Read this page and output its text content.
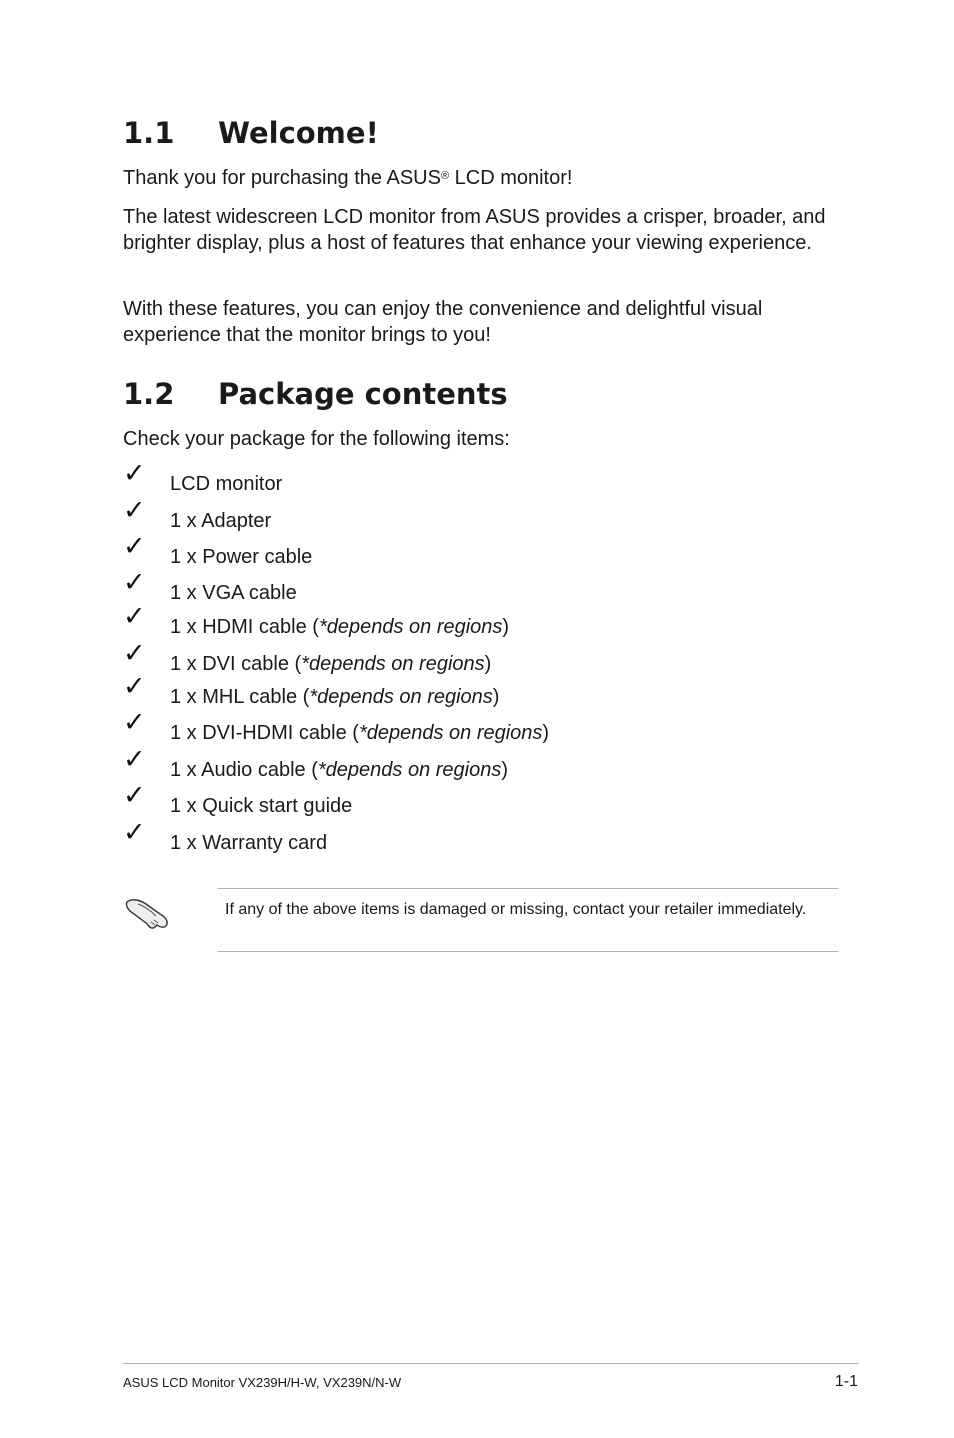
1.1 Welcome!

Thank you for purchasing the ASUS® LCD monitor!

The latest widescreen LCD monitor from ASUS provides a crisper, broader, and brighter display, plus a host of features that enhance your viewing experience.

With these features, you can enjoy the convenience and delightful visual experience that the monitor brings to you!

1.2 Package contents

Check your package for the following items:

✓ LCD monitor
✓ 1 x Adapter
✓ 1 x Power cable
✓ 1 x VGA cable
✓ 1 x HDMI cable (*depends on regions)
✓ 1 x DVI cable (*depends on regions)
✓ 1 x MHL cable (*depends on regions)
✓ 1 x DVI-HDMI cable (*depends on regions)
✓ 1 x Audio cable (*depends on regions)
✓ 1 x Quick start guide
✓ 1 x Warranty card

If any of the above items is damaged or missing, contact your retailer immediately.

ASUS LCD Monitor VX239H/H-W, VX239N/N-W	1-1
